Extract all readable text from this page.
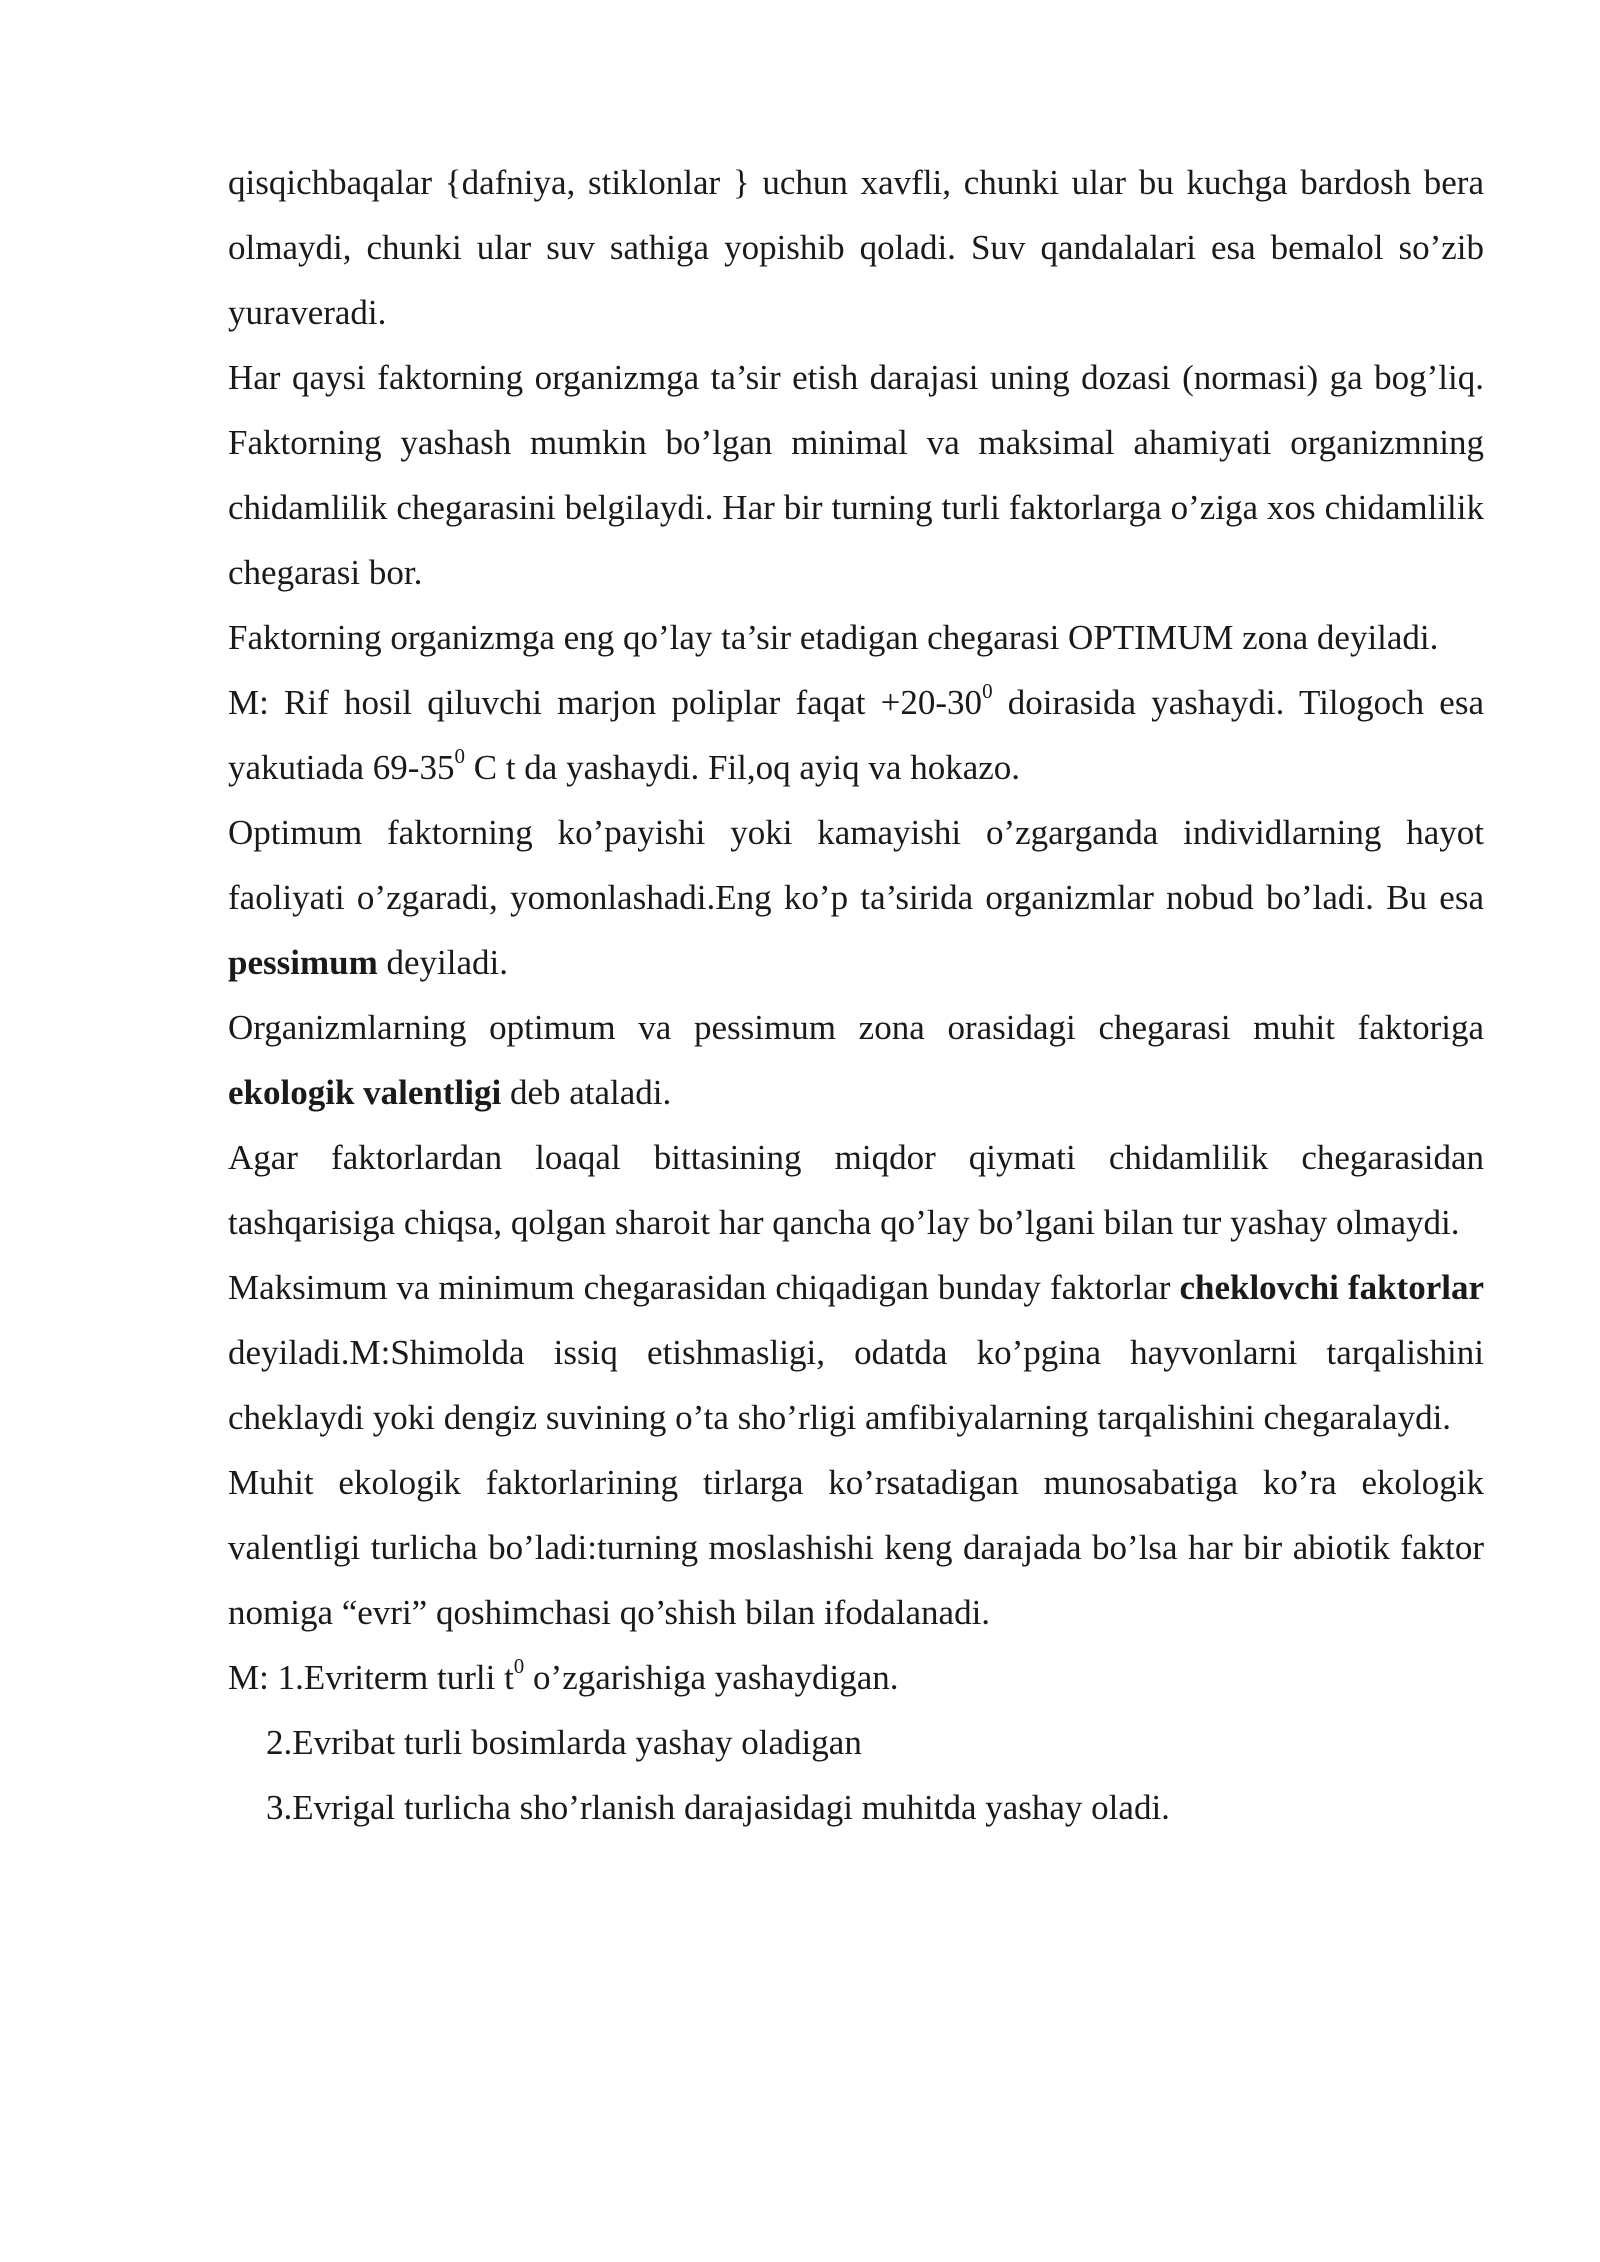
qisqichbaqalar {dafniya, stiklonlar } uchun xavfli, chunki ular bu kuchga bardosh bera olmaydi, chunki ular suv sathiga yopishib qoladi. Suv qandalalari esa bemalol so’zib yuraveradi.

Har qaysi faktorning organizmga ta’sir etish darajasi uning dozasi (normasi) ga bog’liq. Faktorning yashash mumkin bo’lgan minimal va maksimal ahamiyati organizmning chidamlilik chegarasini belgilaydi. Har bir turning turli faktorlarga o’ziga xos chidamlilik chegarasi bor.

Faktorning organizmga eng qo’lay ta’sir etadigan chegarasi OPTIMUM zona deyiladi.

M: Rif hosil qiluvchi marjon poliplar faqat $+20-30^0$ doirasida yashaydi. Tilogoch esa yakutiada $69-35^0$ C t da yashaydi. Fil,oq ayiq va hokazo.

Optimum faktorning ko’payishi yoki kamayishi o’zgarganda individlarning hayot faoliyati o’zgaradi, yomonlashadi.Eng ko’p ta’sirida organizmlar nobud bo’ladi. Bu esa pessimum deyiladi.

Organizmlarning optimum va pessimum zona orasidagi chegarasi muhit faktoriga ekologik valentligi deb ataladi.

Agar faktorlardan loaqal bittasining miqdor qiymati chidamlilik chegarasidan tashqarisiga chiqsa, qolgan sharoit har qancha qo’lay bo’lgani bilan tur yashay olmaydi.

Maksimum va minimum chegarasidan chiqadigan bunday faktorlar cheklovchi faktorlar deyiladi.M:Shimolda issiq etishmasligi, odatda ko’pgina hayvonlarni tarqalishini cheklaydi yoki dengiz suvining o’ta sho’rligi amfibiyalarning tarqalishini chegaralaydi.

Muhit ekologik faktorlarining tirlarga ko’rsatadigan munosabatiga ko’ra ekologik valentligi turlicha bo’ladi:turning moslashishi keng darajada bo’lsa har bir abiotik faktor nomiga “evri” qoshimchasi qo’shish bilan ifodalanadi.

M: 1.Evriterm turli $t^0$ o’zgarishiga yashaydigan.

2.Evribat turli bosimlarda yashay oladigan

3.Evrigal turlicha sho’rlanish darajasidagi muhitda yashay oladi.
